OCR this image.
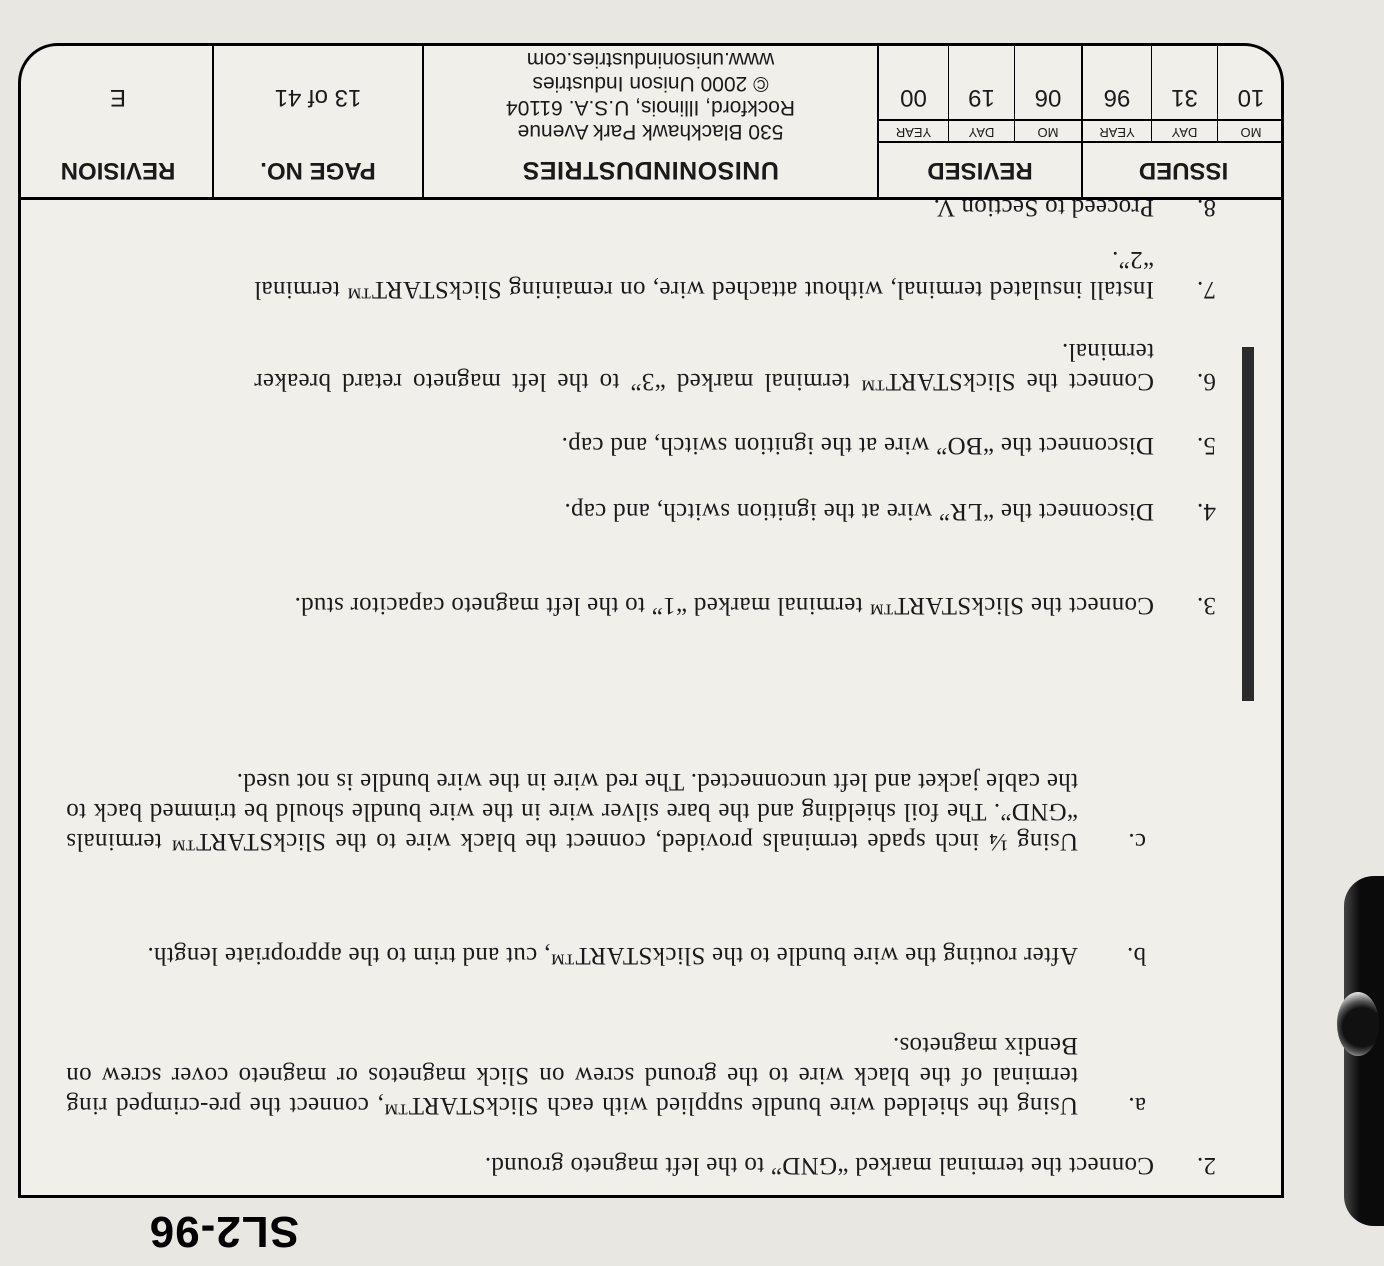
2.
Connect the terminal marked “GND” to the left magneto ground.
a.
Using the shielded wire bundle supplied with each SlickSTART™, connect the pre-crimped ring terminal of the black wire to the ground screw on Slick magnetos or magneto cover screw on Bendix magnetos.
b.
After routing the wire bundle to the SlickSTART™, cut and trim to the appropriate length.
c.
Using ¼ inch spade terminals provided, connect the black wire to the SlickSTART™ terminals “GND”. The foil shielding and the bare silver wire in the wire bundle should be trimmed back to the cable jacket and left unconnected. The red wire in the wire bundle is not used.
3.
Connect the SlickSTART™ terminal marked “1” to the left magneto capacitor stud.
4.
Disconnect the “LR” wire at the ignition switch, and cap.
5.
Disconnect the “BO” wire at the ignition switch, and cap.
6.
Connect the SlickSTART™ terminal marked “3” to the left magneto retard breaker terminal.
7.
Install insulated terminal, without attached wire, on remaining SlickSTART™ terminal “2”.
8.
Proceed to Section V.
ISSUED
MO
DAY
YEAR
10
31
96
REVISED
MO
DAY
YEAR
06
19
00
UNISONINDUSTRIES
530 Blackhawk Park Avenue
Rockford, Illinois, U.S.A. 61104
© 2000 Unison Industries
www.unisonindustries.com
PAGE NO.
13 of 41
REVISION
E
SL2-96
